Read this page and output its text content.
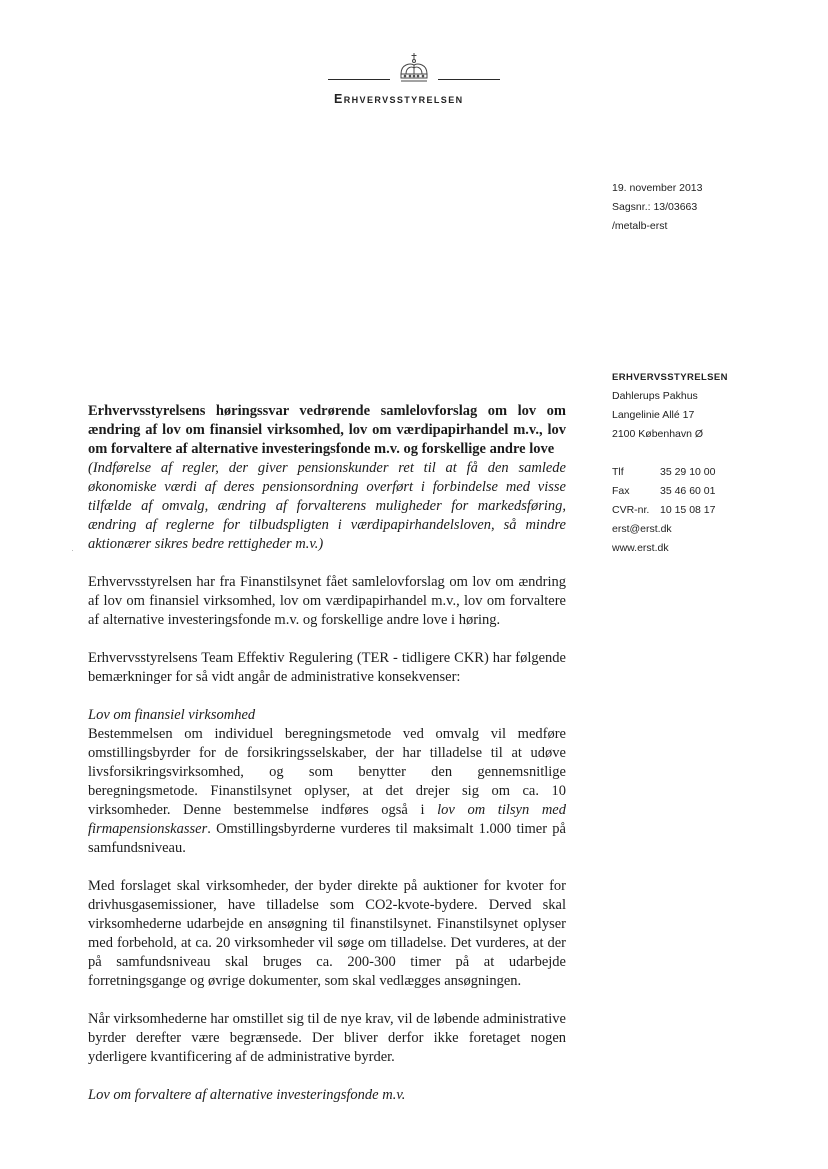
Erhvervsstyrelsen
19. november 2013
Sagsnr.: 13/03663
/metalb-erst
ERHVERVSSTYRELSEN
Dahlerups Pakhus
Langelinie Allé 17
2100 København Ø
Tlf	35 29 10 00
Fax	35 46 60 01
CVR-nr.	10 15 08 17
erst@erst.dk
www.erst.dk

Erhvervsstyrelsens høringssvar vedrørende samlelovforslag om lov om ændring af lov om finansiel virksomhed, lov om værdipapirhandel m.v., lov om forvaltere af alternative investeringsfonde m.v. og forskellige andre love

(Indførelse af regler, der giver pensionskunder ret til at få den samlede økonomiske værdi af deres pensionsordning overført i forbindelse med visse tilfælde af omvalg, ændring af forvalterens muligheder for markedsføring, ændring af reglerne for tilbudspligten i værdipapirhandelsloven, så mindre aktionærer sikres bedre rettigheder m.v.)

Erhvervsstyrelsen har fra Finanstilsynet fået samlelovforslag om lov om ændring af lov om finansiel virksomhed, lov om værdipapirhandel m.v., lov om forvaltere af alternative investeringsfonde m.v. og forskellige andre love i høring.

Erhvervsstyrelsens Team Effektiv Regulering (TER - tidligere CKR) har følgende bemærkninger for så vidt angår de administrative konsekvenser:

Lov om finansiel virksomhed

Bestemmelsen om individuel beregningsmetode ved omvalg vil medføre omstillingsbyrder for de forsikringsselskaber, der har tilladelse til at udøve livsforsikringsvirksomhed, og som benytter den gennemsnitlige beregningsmetode. Finanstilsynet oplyser, at det drejer sig om ca. 10 virksomheder. Denne bestemmelse indføres også i lov om tilsyn med firmapensionskasser. Omstillingsbyrderne vurderes til maksimalt 1.000 timer på samfundsniveau.

Med forslaget skal virksomheder, der byder direkte på auktioner for kvoter for drivhusgasemissioner, have tilladelse som CO2-kvote-bydere. Derved skal virksomhederne udarbejde en ansøgning til finanstilsynet. Finanstilsynet oplyser med forbehold, at ca. 20 virksomheder vil søge om tilladelse. Det vurderes, at der på samfundsniveau skal bruges ca. 200-300 timer på at udarbejde forretningsgange og øvrige dokumenter, som skal vedlægges ansøgningen.

Når virksomhederne har omstillet sig til de nye krav, vil de løbende administrative byrder derefter være begrænsede. Der bliver derfor ikke foretaget nogen yderligere kvantificering af de administrative byrder.

Lov om forvaltere af alternative investeringsfonde m.v.
